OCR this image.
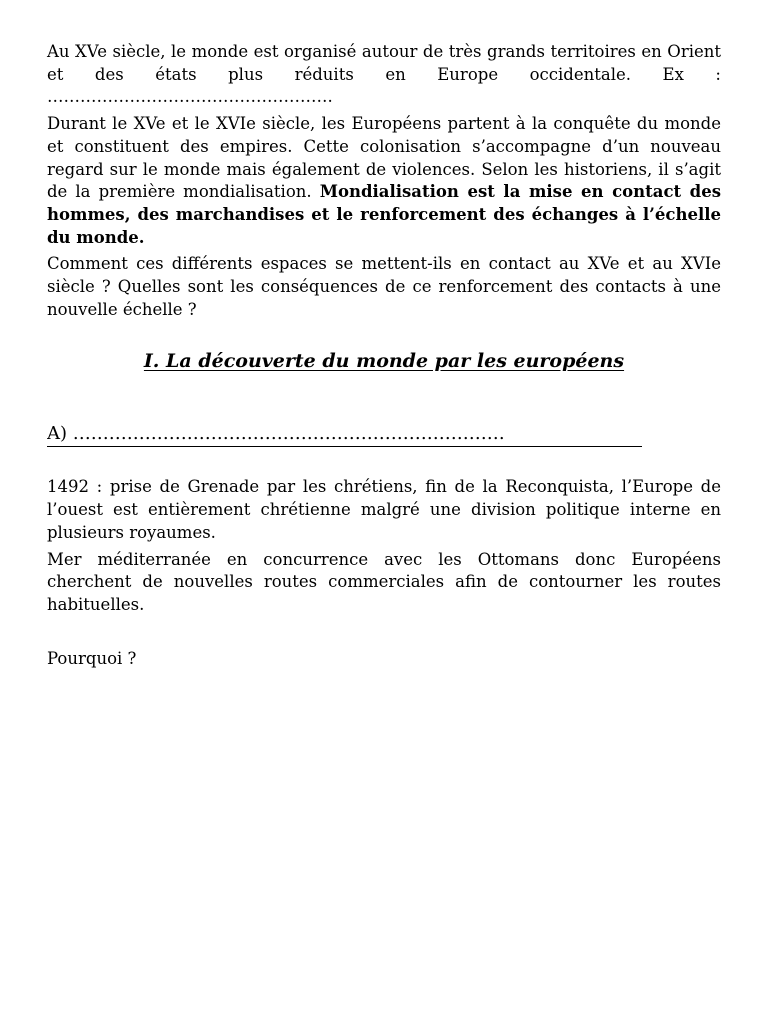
Au XVe siècle, le monde est organisé autour de très grands territoires en Orient et des états plus réduits en Europe occidentale. Ex : …………………………………………….

Durant le XVe et le XVIe siècle, les Européens partent à la conquête du monde et constituent des empires. Cette colonisation s’accompagne d’un nouveau regard sur le monde mais également de violences. Selon les historiens, il s’agit de la première mondialisation. Mondialisation est la mise en contact des hommes, des marchandises et le renforcement des échanges à l’échelle du monde.

Comment ces différents espaces se mettent-ils en contact au XVe et au XVIe siècle ? Quelles sont les conséquences de ce renforcement des contacts à une nouvelle échelle ?

I. La découverte du monde par les européens
A) ………………………………………………………………

1492 : prise de Grenade par les chrétiens, fin de la Reconquista, l’Europe de l’ouest est entièrement chrétienne malgré une division politique interne en plusieurs royaumes.

Mer méditerranée en concurrence avec les Ottomans donc Européens cherchent de nouvelles routes commerciales afin de contourner les routes habituelles.

Pourquoi ?
